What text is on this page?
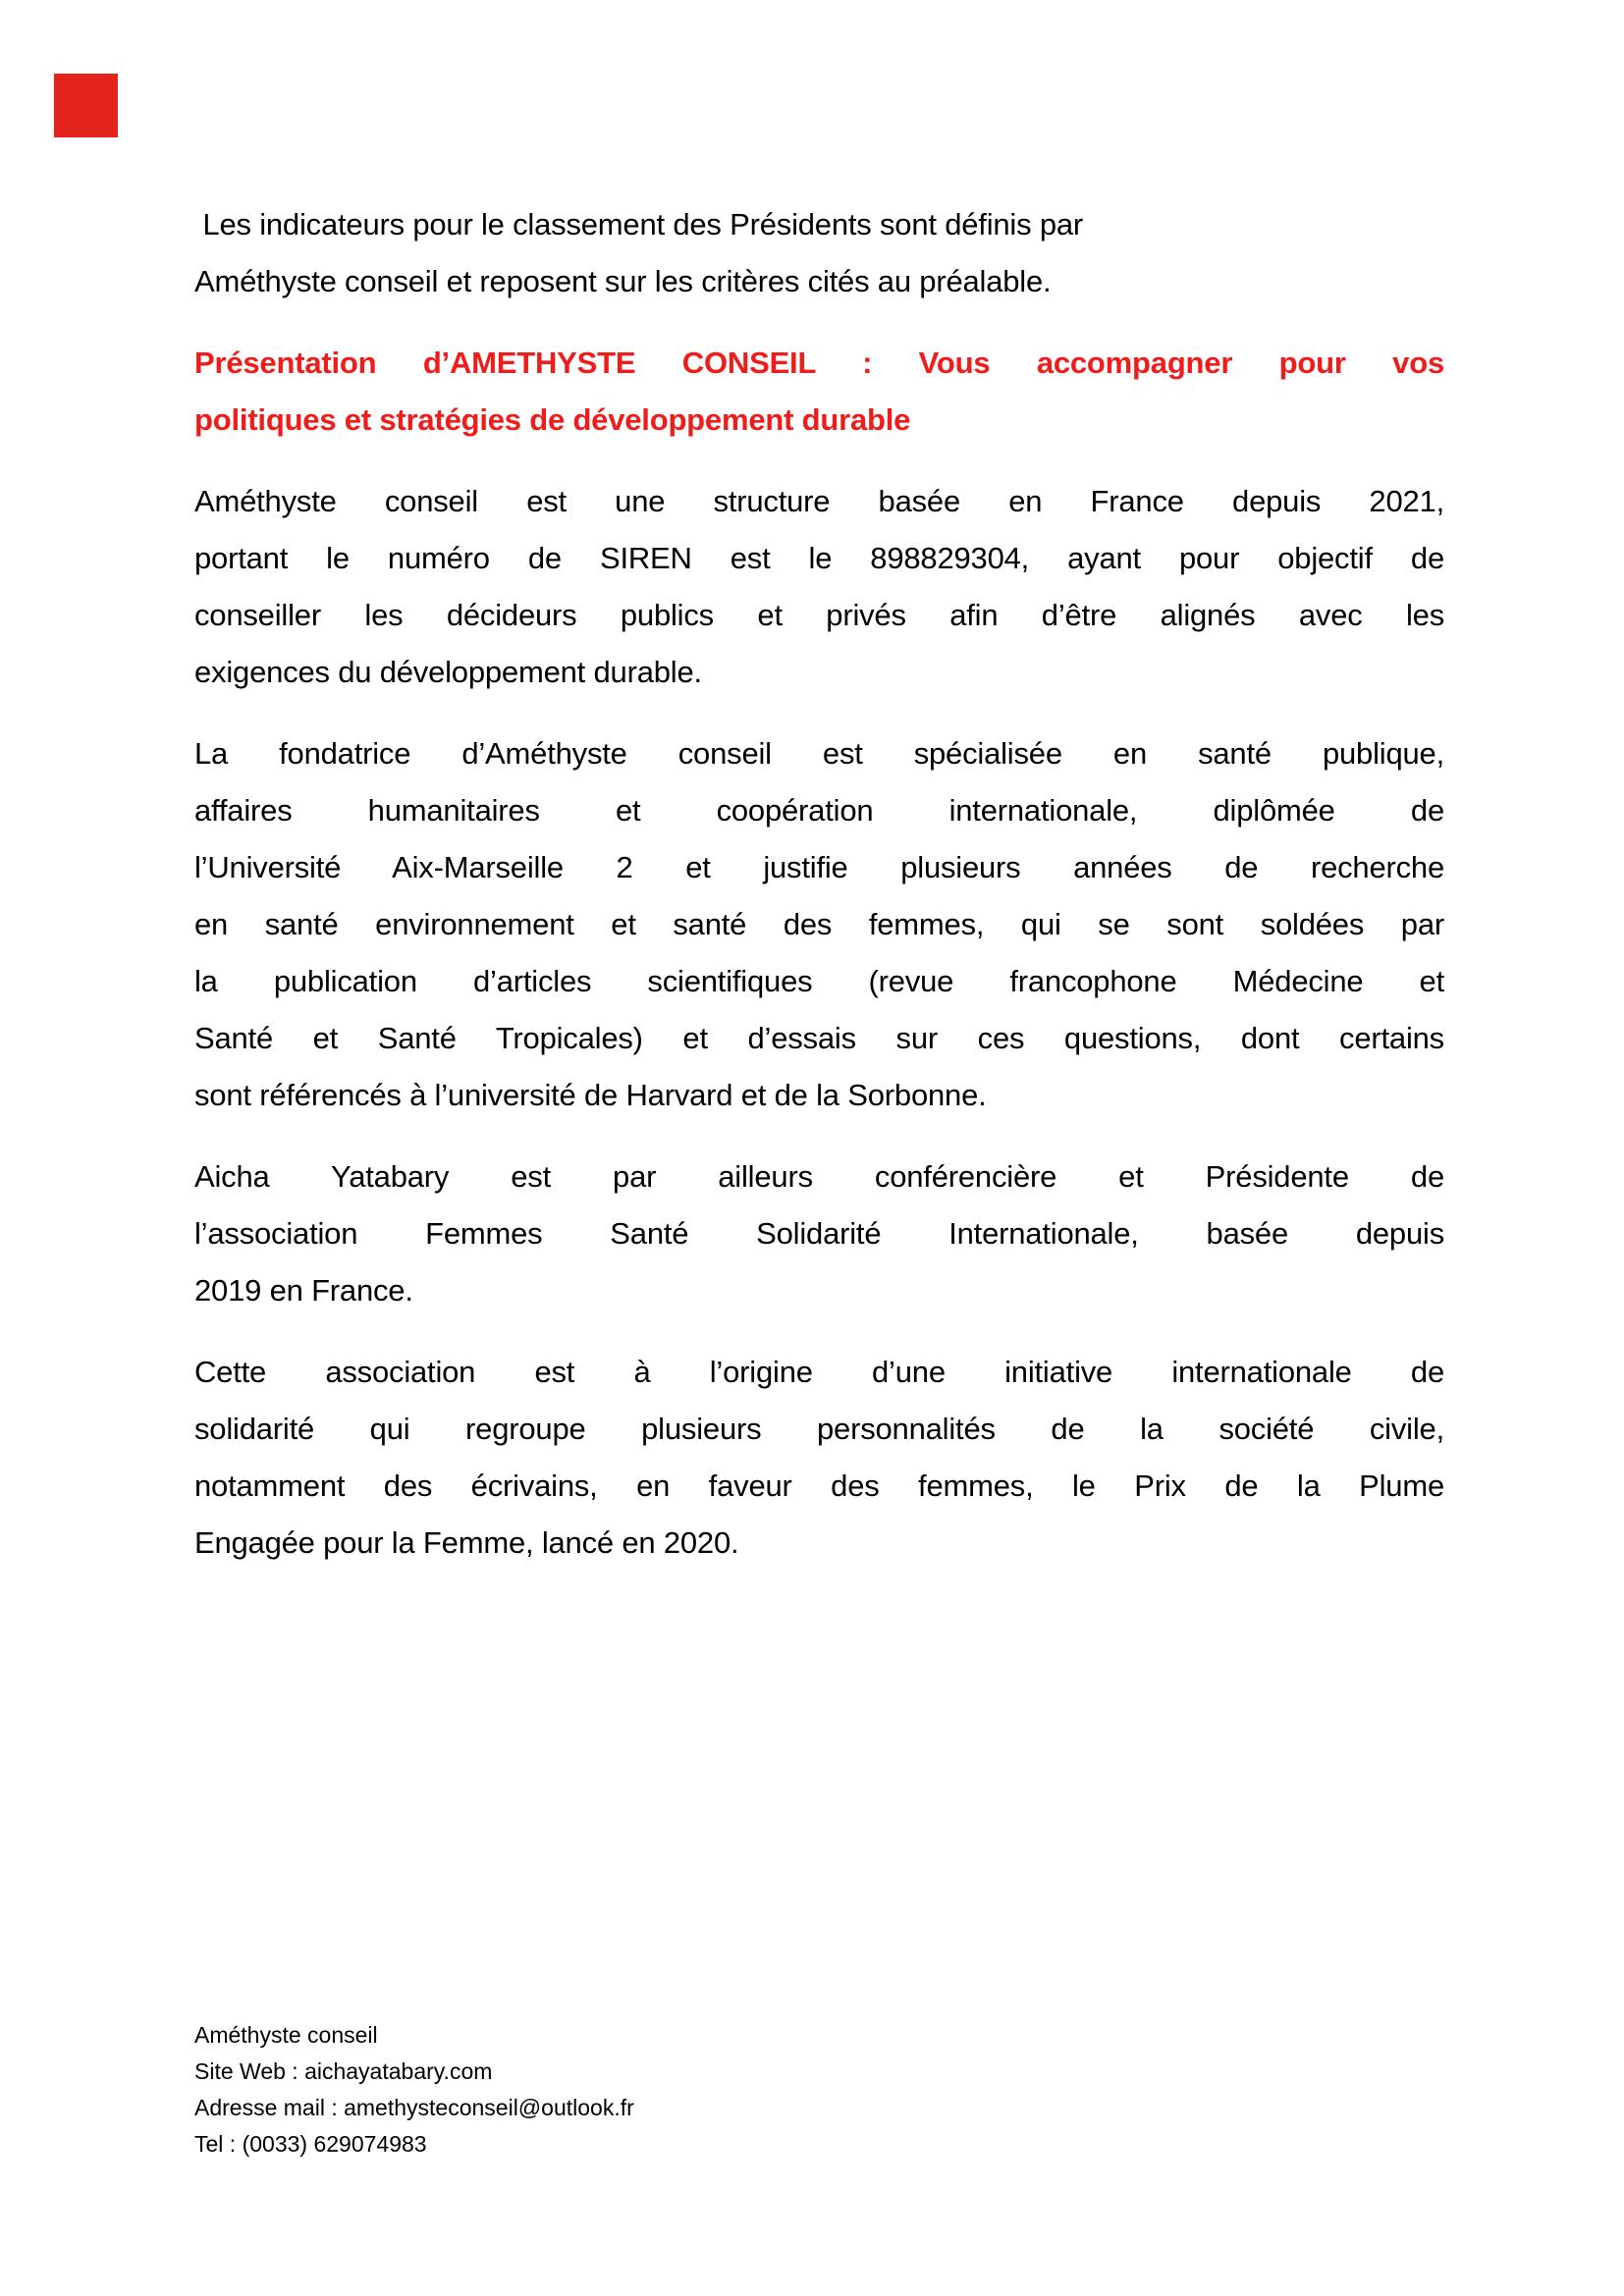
Les indicateurs pour le classement des Présidents sont définis par
Améthyste conseil et reposent sur les critères cités au préalable.

Présentation d’AMETHYSTE CONSEIL : Vous accompagner pour vos
politiques et stratégies de développement durable

Améthyste conseil est une structure basée en France depuis 2021,
portant le numéro de SIREN est le 898829304, ayant pour objectif de
conseiller les décideurs publics et privés afin d’être alignés avec les
exigences du développement durable.

La fondatrice d’Améthyste conseil est spécialisée en santé publique,
affaires humanitaires et coopération internationale, diplômée de
l’Université Aix-Marseille 2 et justifie plusieurs années de recherche
en santé environnement et santé des femmes, qui se sont soldées par
la publication d’articles scientifiques (revue francophone Médecine et
Santé et Santé Tropicales) et d’essais sur ces questions, dont certains
sont référencés à l’université de Harvard et de la Sorbonne.

Aicha Yatabary est par ailleurs conférencière et Présidente de
l’association Femmes Santé Solidarité Internationale, basée depuis
2019 en France.

Cette association est à l’origine d’une initiative internationale de
solidarité qui regroupe plusieurs personnalités de la société civile,
notamment des écrivains, en faveur des femmes, le Prix de la Plume
Engagée pour la Femme, lancé en 2020.

Améthyste conseil
Site Web : aichayatabary.com
Adresse mail : amethysteconseil@outlook.fr
Tel : (0033) 629074983
